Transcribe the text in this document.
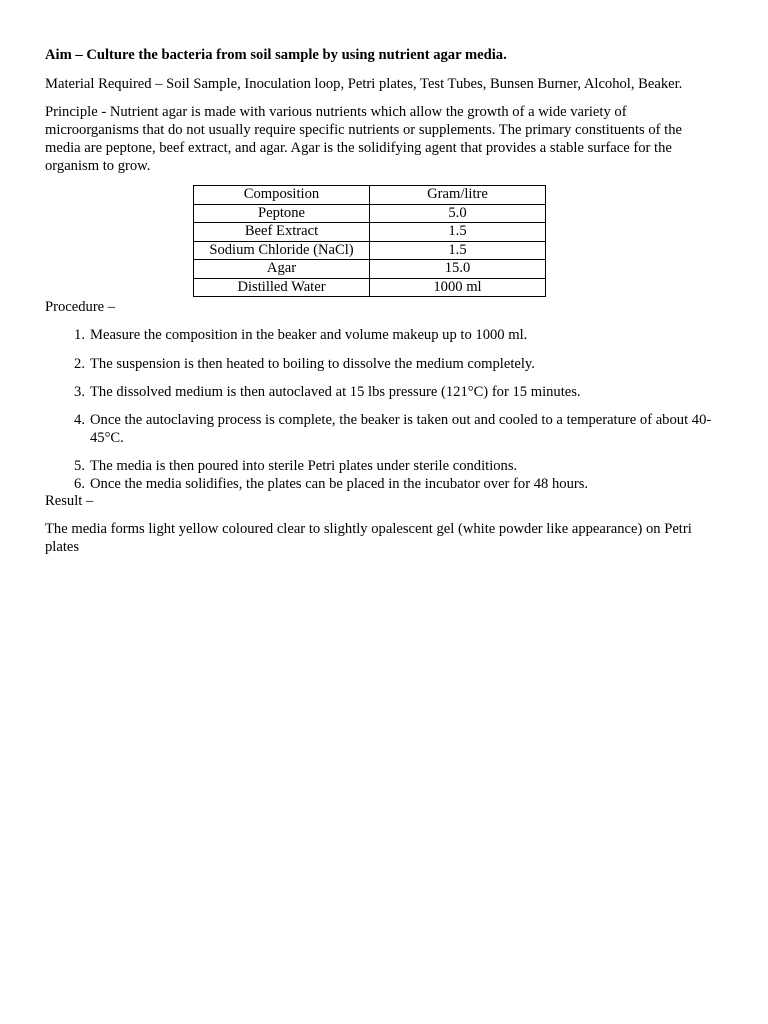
Aim – Culture the bacteria from soil sample by using nutrient agar media.

Material Required – Soil Sample, Inoculation loop, Petri plates, Test Tubes, Bunsen Burner, Alcohol, Beaker.

Principle - Nutrient agar is made with various nutrients which allow the growth of a wide variety of microorganisms that do not usually require specific nutrients or supplements. The primary constituents of the media are peptone, beef extract, and agar. Agar is the solidifying agent that provides a stable surface for the organism to grow.

Composition	Gram/litre
Peptone	5.0
Beef Extract	1.5
Sodium Chloride (NaCl)	1.5
Agar	15.0
Distilled Water	1000 ml

Procedure –

1. Measure the composition in the beaker and volume makeup up to 1000 ml.
2. The suspension is then heated to boiling to dissolve the medium completely.
3. The dissolved medium is then autoclaved at 15 lbs pressure (121°C) for 15 minutes.
4. Once the autoclaving process is complete, the beaker is taken out and cooled to a temperature of about 40-45°C.
5. The media is then poured into sterile Petri plates under sterile conditions.
6. Once the media solidifies, the plates can be placed in the incubator over for 48 hours.

Result –

The media forms light yellow coloured clear to slightly opalescent gel (white powder like appearance) on Petri plates
